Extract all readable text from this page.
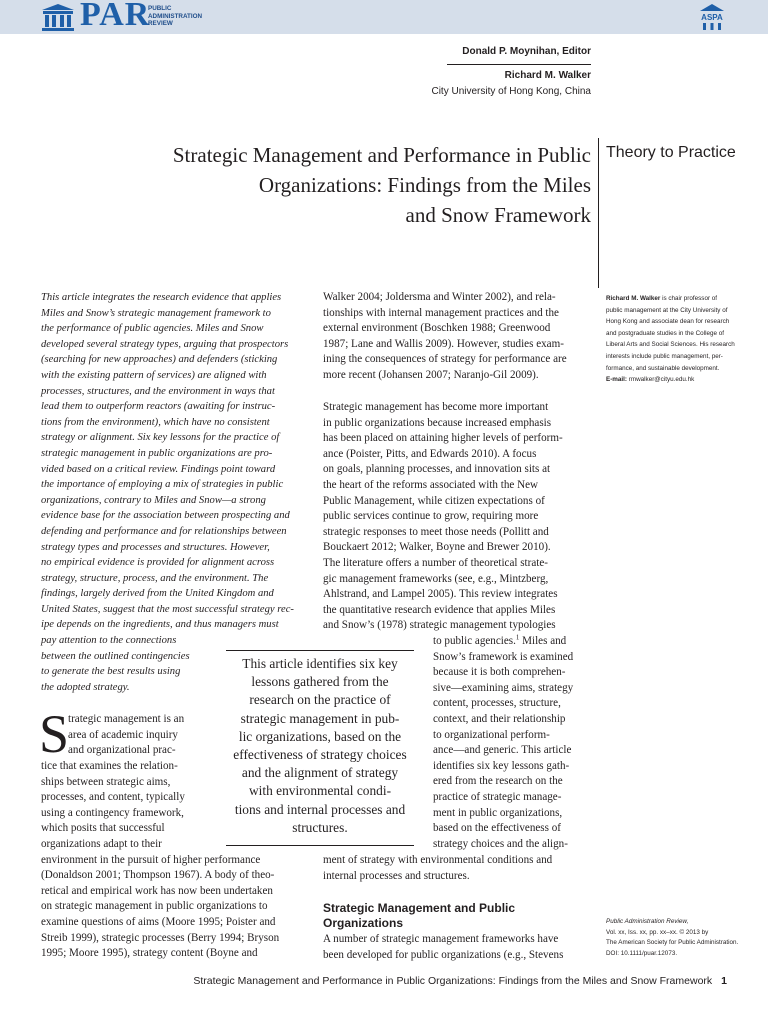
PAR
PUBLIC
ADMINISTRATION
REVIEW
ASPA
Donald P. Moynihan, Editor
Richard M. Walker
City University of Hong Kong, China
Strategic Management and Performance in Public
Organizations: Findings from the Miles
and Snow Framework
Theory to Practice
This article integrates the research evidence that applies
Miles and Snow’s strategic management framework to
the performance of public agencies. Miles and Snow
developed several strategy types, arguing that prospectors
(searching for new approaches) and defenders (sticking
with the existing pattern of services) are aligned with
processes, structures, and the environment in ways that
lead them to outperform reactors (awaiting for instruc-
tions from the environment), which have no consistent
strategy or alignment. Six key lessons for the practice of
strategic management in public organizations are pro-
vided based on a critical review. Findings point toward
the importance of employing a mix of strategies in public
organizations, contrary to Miles and Snow—a strong
evidence base for the association between prospecting and
defending and performance and for relationships between
strategy types and processes and structures. However,
no empirical evidence is provided for alignment across
strategy, structure, process, and the environment. The
findings, largely derived from the United Kingdom and
United States, suggest that the most successful strategy rec-
ipe depends on the ingredients, and thus managers must
pay attention to the connections
between the outlined contingencies
to generate the best results using
the adopted strategy.
This article identifies six key
lessons gathered from the
research on the practice of
strategic management in pub-
lic organizations, based on the
effectiveness of strategy choices
and the alignment of strategy
with environmental condi-
tions and internal processes and
structures.
S
trategic management is an
area of academic inquiry
and organizational prac-
tice that examines the relation-
ships between strategic aims,
processes, and content, typically
using a contingency framework,
which posits that successful
organizations adapt to their
environment in the pursuit of higher performance
(Donaldson 2001; Thompson 1967). A body of theo-
retical and empirical work has now been undertaken
on strategic management in public organizations to
examine questions of aims (Moore 1995; Poister and
Streib 1999), strategic processes (Berry 1994; Bryson
1995; Moore 1995), strategy content (Boyne and
Walker 2004; Joldersma and Winter 2002), and rela-
tionships with internal management practices and the
external environment (Boschken 1988; Greenwood
1987; Lane and Wallis 2009). However, studies exam-
ining the consequences of strategy for performance are
more recent (Johansen 2007; Naranjo-Gil 2009).
Strategic management has become more important
in public organizations because increased emphasis
has been placed on attaining higher levels of perform-
ance (Poister, Pitts, and Edwards 2010). A focus
on goals, planning processes, and innovation sits at
the heart of the reforms associated with the New
Public Management, while citizen expectations of
public services continue to grow, requiring more
strategic responses to meet those needs (Pollitt and
Bouckaert 2012; Walker, Boyne and Brewer 2010).
The literature offers a number of theoretical strate-
gic management frameworks (see, e.g., Mintzberg,
Ahlstrand, and Lampel 2005). This review integrates
the quantitative research evidence that applies Miles
and Snow’s (1978) strategic management typologies
to public agencies.$^1$ Miles and
Snow’s framework is examined
because it is both comprehen-
sive—examining aims, strategy
content, processes, structure,
context, and their relationship
to organizational perform-
ance—and generic. This article
identifies six key lessons gath-
ered from the research on the
practice of strategic manage-
ment in public organizations,
based on the effectiveness of
strategy choices and the align-
ment of strategy with environmental conditions and
internal processes and structures.
Strategic Management and Public
Organizations
A number of strategic management frameworks have
been developed for public organizations (e.g., Stevens
Richard M. Walker is chair professor of
public management at the City University of
Hong Kong and associate dean for research
and postgraduate studies in the College of
Liberal Arts and Social Sciences. His research
interests include public management, per-
formance, and sustainable development.
E-mail: rmwalker@cityu.edu.hk
Public Administration Review,
Vol. xx, Iss. xx, pp. xx–xx. © 2013 by
The American Society for Public Administration.
DOI: 10.1111/puar.12073.
Strategic Management and Performance in Public Organizations: Findings from the Miles and Snow Framework 1
